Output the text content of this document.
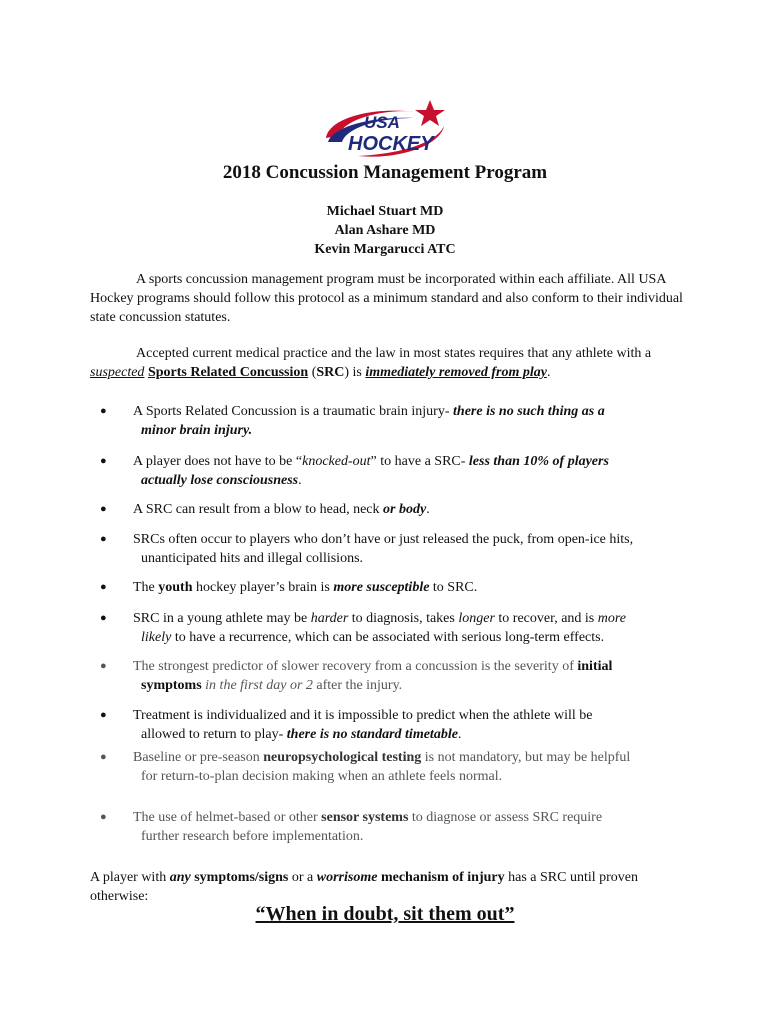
USA
HOCKEY
2018 Concussion Management Program
Michael Stuart MD
Alan Ashare MD
Kevin Margarucci ATC
A sports concussion management program must be incorporated within each affiliate. All USA Hockey programs should follow this protocol as a minimum standard and also conform to their individual state concussion statutes.
Accepted current medical practice and the law in most states requires that any athlete with a suspected Sports Related Concussion (SRC) is immediately removed from play.
●	A Sports Related Concussion is a traumatic brain injury- there is no such thing as a
minor brain injury.
●	A player does not have to be “knocked-out” to have a SRC- less than 10% of players
actually lose consciousness.
●	A SRC can result from a blow to head, neck or body.
●	SRCs often occur to players who don’t have or just released the puck, from open-ice hits,
unanticipated hits and illegal collisions.
●	The youth hockey player’s brain is more susceptible to SRC.
●	SRC in a young athlete may be harder to diagnosis, takes longer to recover, and is more
likely to have a recurrence, which can be associated with serious long-term effects.
●	The strongest predictor of slower recovery from a concussion is the severity of initial
symptoms in the first day or 2 after the injury.
●	Treatment is individualized and it is impossible to predict when the athlete will be
allowed to return to play- there is no standard timetable.
●	Baseline or pre-season neuropsychological testing is not mandatory, but may be helpful
for return-to-plan decision making when an athlete feels normal.
●	The use of helmet-based or other sensor systems to diagnose or assess SRC require
further research before implementation.
A player with any symptoms/signs or a worrisome mechanism of injury has a SRC until proven otherwise:
“When in doubt, sit them out”
